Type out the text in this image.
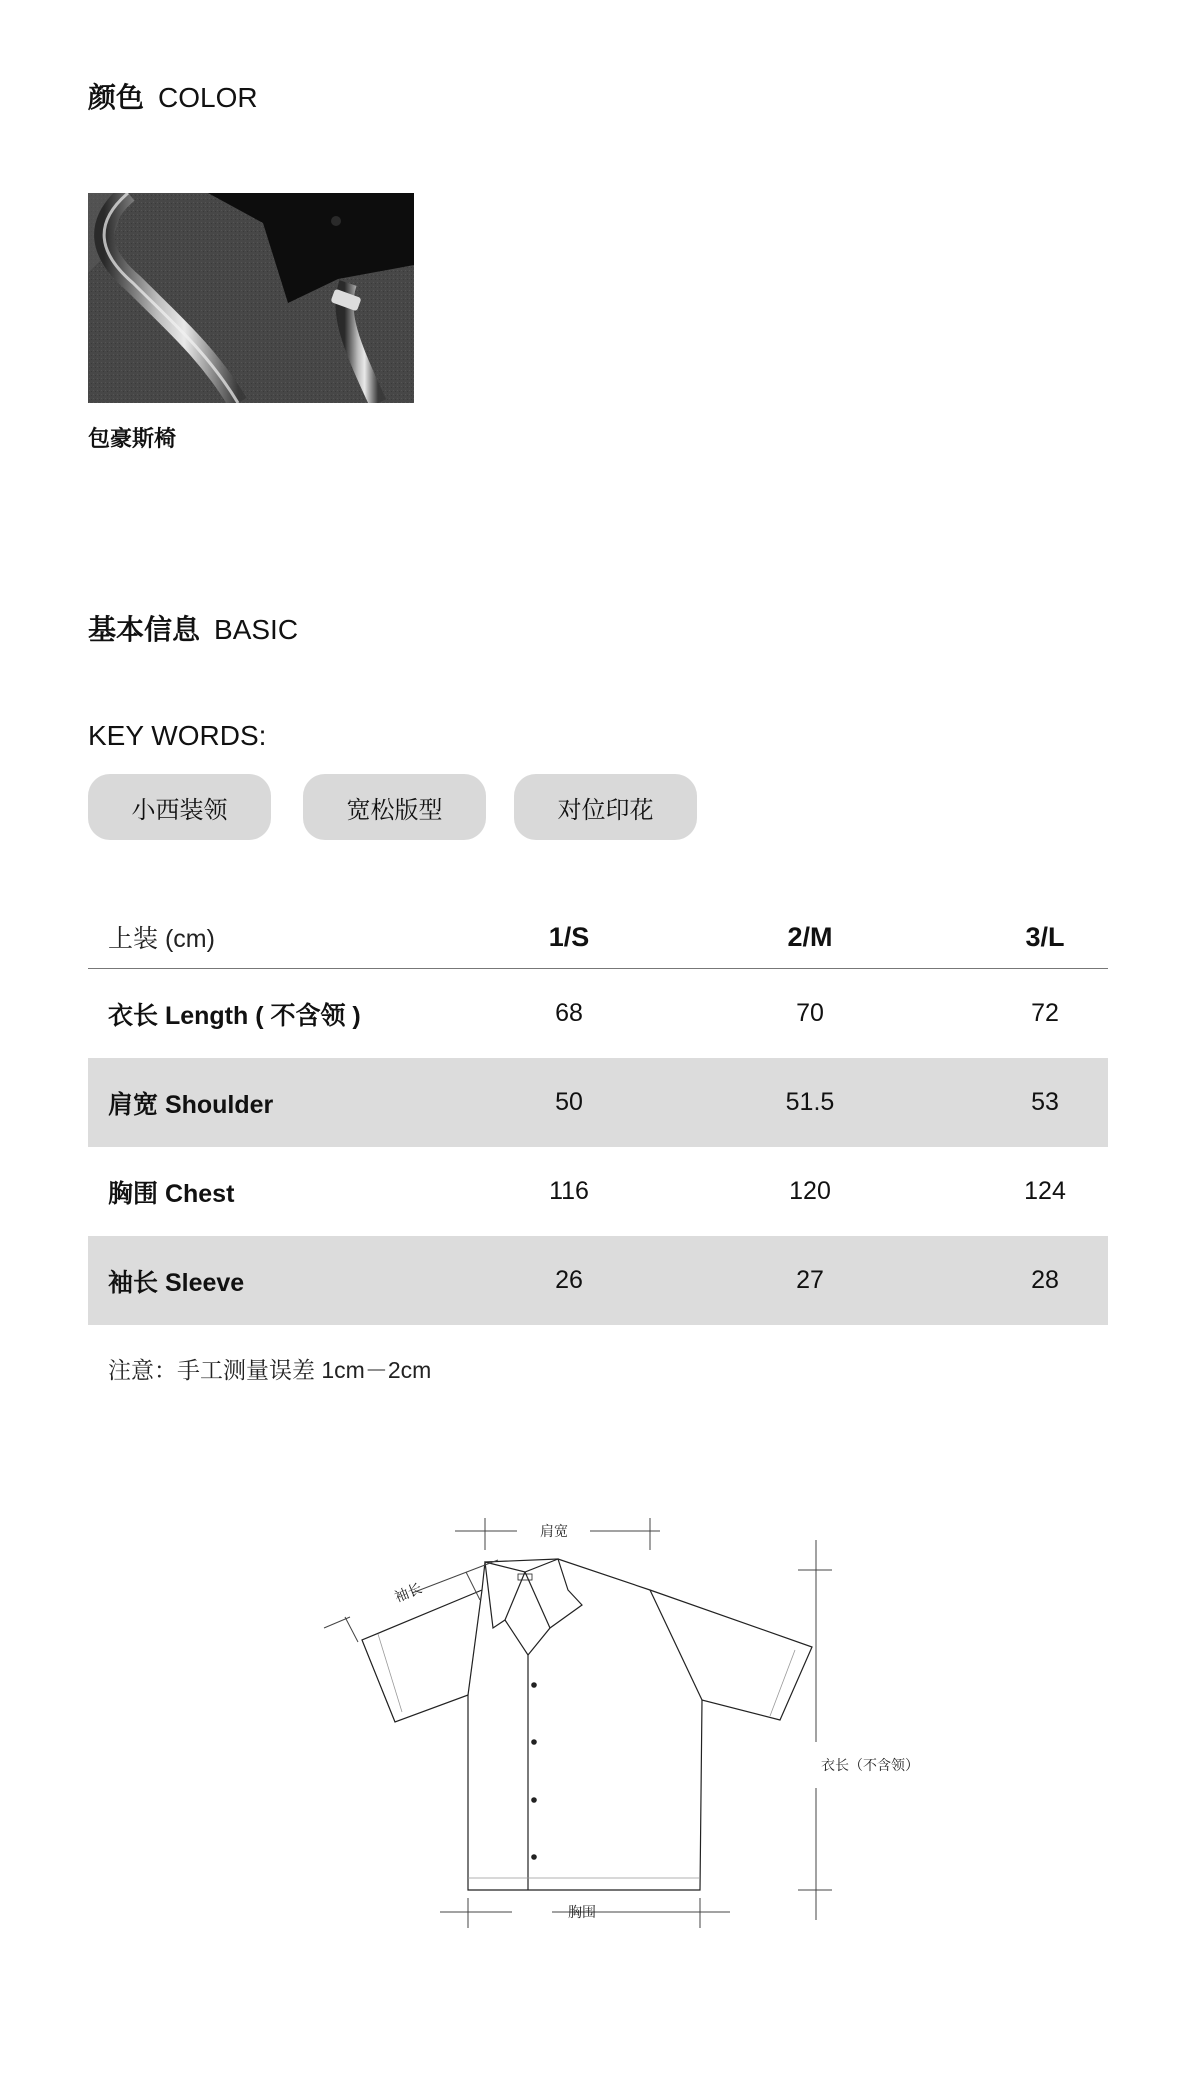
颜色 COLOR
包豪斯椅
基本信息 BASIC
KEY WORDS:
小西装领	宽松版型	对位印花
上装 (cm)	1/S	2/M	3/L
衣长 Length ( 不含领 )	68	70	72
肩宽 Shoulder	50	51.5	53
胸围 Chest	116	120	124
袖长 Sleeve	26	27	28
注意：手工测量误差 1cm－2cm
肩宽
袖长
衣长（不含领）
胸围
